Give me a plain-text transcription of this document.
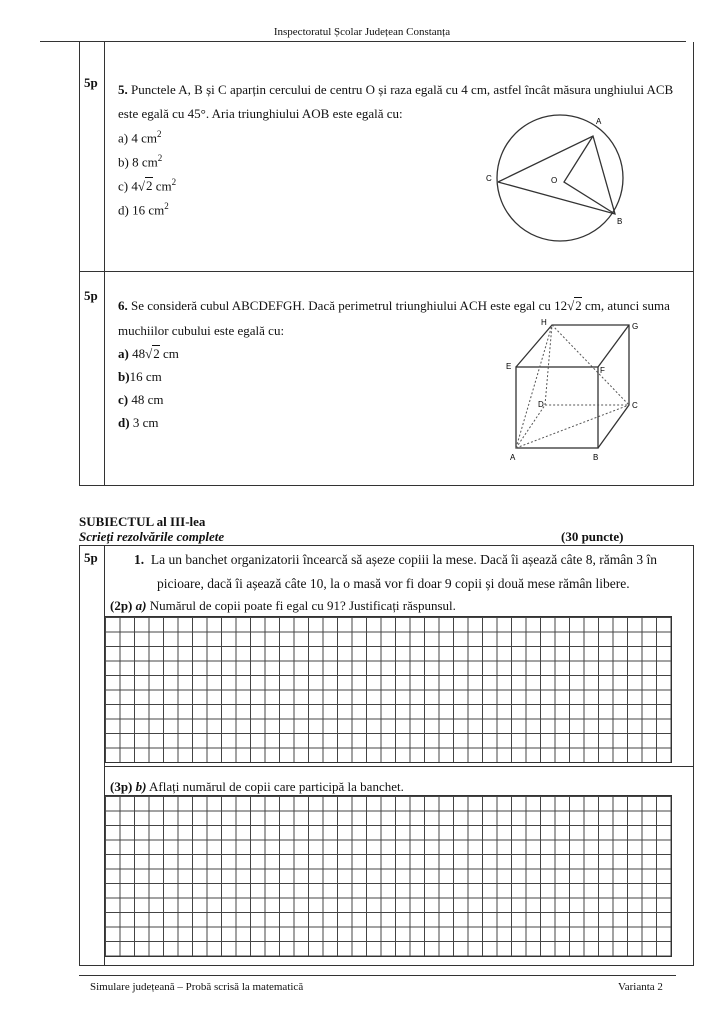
Inspectoratul Școlar Județean Constanța
5p 5. Punctele A, B și C aparțin cercului de centru O și raza egală cu 4 cm, astfel încât măsura unghiului ACB
este egală cu 45°. Aria triunghiului AOB este egală cu:
a) 4 $cm^2$
b) 8 $cm^2$
c) 4√2 $cm^2$
d) 16 $cm^2$
A
B
C	O
5p
6. Se consideră cubul ABCDEFGH. Dacă perimetrul triunghiului ACH este egal cu 12√2 cm, atunci suma
muchiilor cubului este egală cu:
a) 48√2 cm
b)16 cm
c) 48 cm
d) 3 cm
A	B
C
D
E	F
G
H
SUBIECTUL al III-lea
Scrieți rezolvările complete	(30 puncte)
5p	1. La un banchet organizatorii încearcă să așeze copiii la mese. Dacă îi așează câte 8, rămân 3 în
picioare, dacă îi așează câte 10, la o masă vor fi doar 9 copii și două mese rămân libere.
(2p) a) Numărul de copii poate fi egal cu 91? Justificați răspunsul.
(3p) b) Aflați numărul de copii care participă la banchet.
Simulare județeană – Probă scrisă la matematică	Varianta 2
